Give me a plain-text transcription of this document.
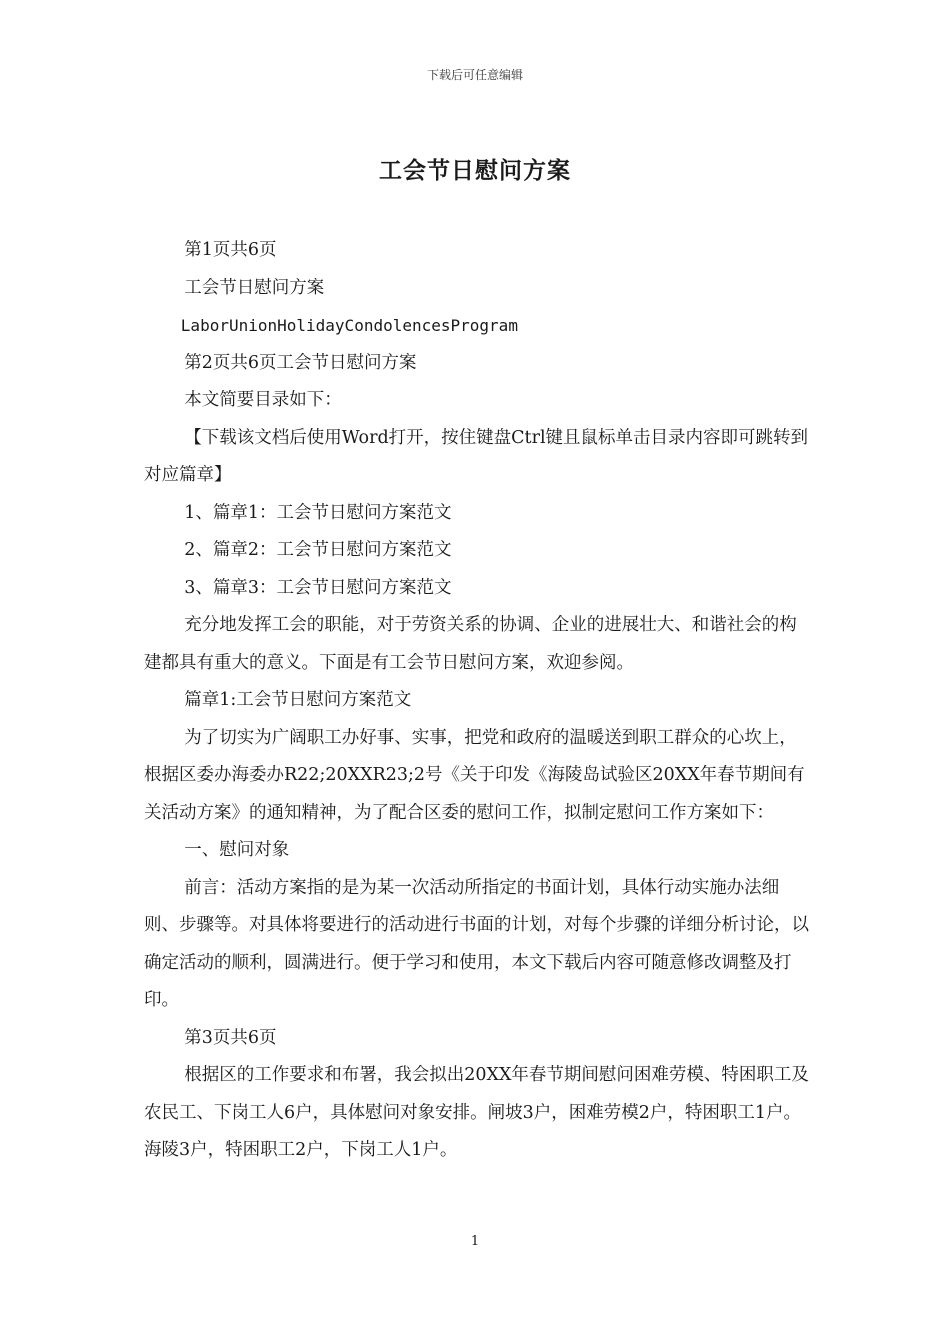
下载后可任意编辑
工会节日慰问方案

第1页共6页

工会节日慰问方案

LaborUnionHolidayCondolencesProgram

第2页共6页工会节日慰问方案

本文简要目录如下：

【下载该文档后使用Word打开，按住键盘Ctrl键且鼠标单击目录内容即可跳转到对应篇章】

1、篇章1：工会节日慰问方案范文

2、篇章2：工会节日慰问方案范文

3、篇章3：工会节日慰问方案范文

充分地发挥工会的职能，对于劳资关系的协调、企业的进展壮大、和谐社会的构建都具有重大的意义。下面是有工会节日慰问方案，欢迎参阅。

篇章1:工会节日慰问方案范文

为了切实为广阔职工办好事、实事，把党和政府的温暖送到职工群众的心坎上，根据区委办海委办R22;20XXR23;2号《关于印发《海陵岛试验区20XX年春节期间有关活动方案》的通知精神，为了配合区委的慰问工作，拟制定慰问工作方案如下：

一、慰问对象

前言：活动方案指的是为某一次活动所指定的书面计划，具体行动实施办法细则、步骤等。对具体将要进行的活动进行书面的计划，对每个步骤的详细分析讨论，以确定活动的顺利，圆满进行。便于学习和使用，本文下载后内容可随意修改调整及打印。

第3页共6页

根据区的工作要求和布署，我会拟出20XX年春节期间慰问困难劳模、特困职工及农民工、下岗工人6户，具体慰问对象安排。闸坡3户，困难劳模2户，特困职工1户。海陵3户，特困职工2户，下岗工人1户。

1
